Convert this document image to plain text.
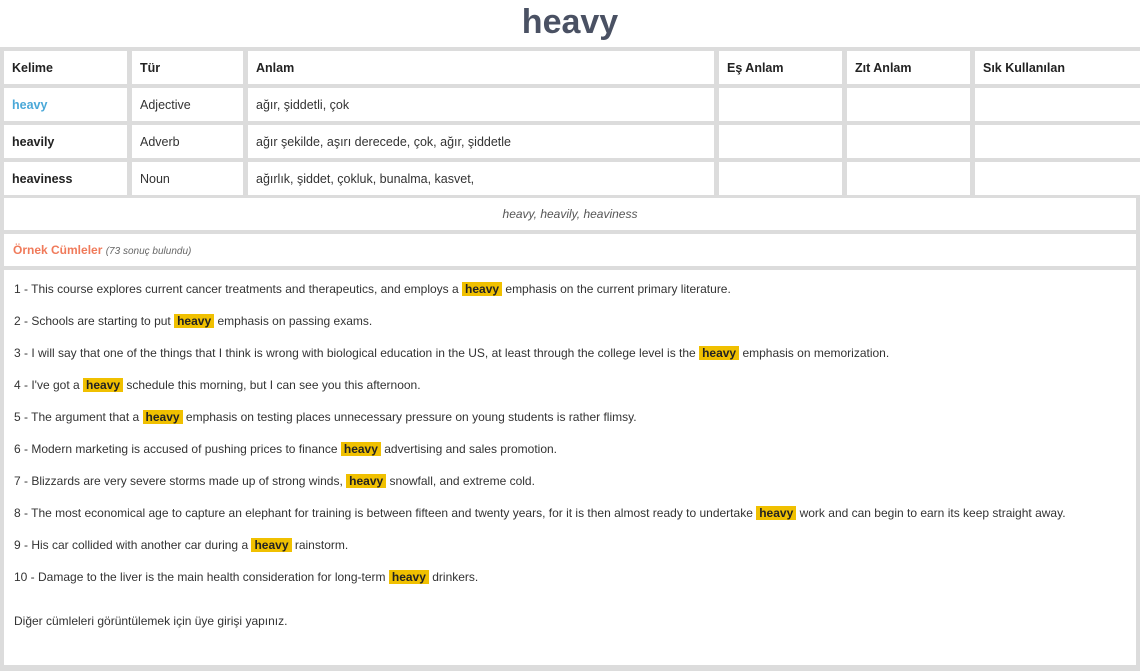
heavy
Kelime	Tür	Anlam	Eş Anlam	Zıt Anlam	Sık Kullanılan
heavy	Adjective	ağır, şiddetli, çok			
heavily	Adverb	ağır şekilde, aşırı derecede, çok, ağır, şiddetle			
heaviness	Noun	ağırlık, şiddet, çokluk, bunalma, kasvet,			
heavy, heavily, heaviness
Örnek Cümleler (73 sonuç bulundu)
1 - This course explores current cancer treatments and therapeutics, and employs a heavy emphasis on the current primary literature.
2 - Schools are starting to put heavy emphasis on passing exams.
3 - I will say that one of the things that I think is wrong with biological education in the US, at least through the college level is the heavy emphasis on memorization.
4 - I've got a heavy schedule this morning, but I can see you this afternoon.
5 - The argument that a heavy emphasis on testing places unnecessary pressure on young students is rather flimsy.
6 - Modern marketing is accused of pushing prices to finance heavy advertising and sales promotion.
7 - Blizzards are very severe storms made up of strong winds, heavy snowfall, and extreme cold.
8 - The most economical age to capture an elephant for training is between fifteen and twenty years, for it is then almost ready to undertake heavy work and can begin to earn its keep straight away.
9 - His car collided with another car during a heavy rainstorm.
10 - Damage to the liver is the main health consideration for long-term heavy drinkers.
Diğer cümleleri görüntülemek için üye girişi yapınız.
